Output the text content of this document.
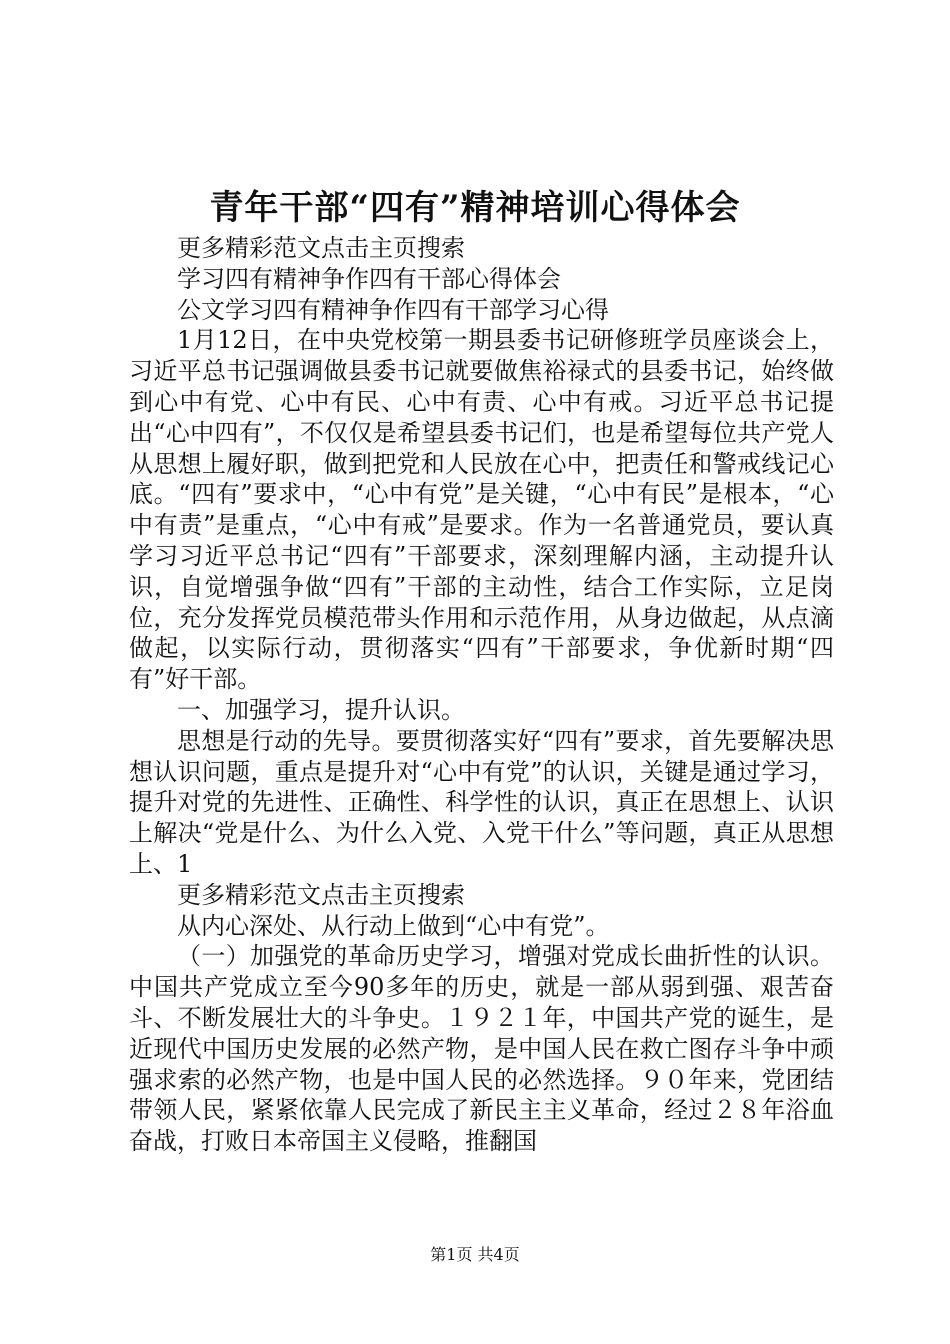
青年干部“四有”精神培训心得体会

更多精彩范文点击主页搜索

学习四有精神争作四有干部心得体会

公文学习四有精神争作四有干部学习心得

1月12日，在中央党校第一期县委书记研修班学员座谈会上，习近平总书记强调做县委书记就要做焦裕禄式的县委书记，始终做到心中有党、心中有民、心中有责、心中有戒。习近平总书记提出“心中四有”，不仅仅是希望县委书记们，也是希望每位共产党人从思想上履好职，做到把党和人民放在心中，把责任和警戒线记心底。“四有”要求中，“心中有党”是关键，“心中有民”是根本，“心中有责”是重点，“心中有戒”是要求。作为一名普通党员，要认真学习习近平总书记“四有”干部要求，深刻理解内涵，主动提升认识，自觉增强争做“四有”干部的主动性，结合工作实际，立足岗位，充分发挥党员模范带头作用和示范作用，从身边做起，从点滴做起，以实际行动，贯彻落实“四有”干部要求，争优新时期“四有”好干部。

一、加强学习，提升认识。

思想是行动的先导。要贯彻落实好“四有”要求，首先要解决思想认识问题，重点是提升对“心中有党”的认识，关键是通过学习，提升对党的先进性、正确性、科学性的认识，真正在思想上、认识上解决“党是什么、为什么入党、入党干什么”等问题，真正从思想上、1

更多精彩范文点击主页搜索

从内心深处、从行动上做到“心中有党”。

（一）加强党的革命历史学习，增强对党成长曲折性的认识。中国共产党成立至今90多年的历史，就是一部从弱到强、艰苦奋斗、不断发展壮大的斗争史。１９２１年，中国共产党的诞生，是近现代中国历史发展的必然产物，是中国人民在救亡图存斗争中顽强求索的必然产物，也是中国人民的必然选择。９０年来，党团结带领人民，紧紧依靠人民完成了新民主主义革命，经过２８年浴血奋战，打败日本帝国主义侵略，推翻国

第1页 共4页
